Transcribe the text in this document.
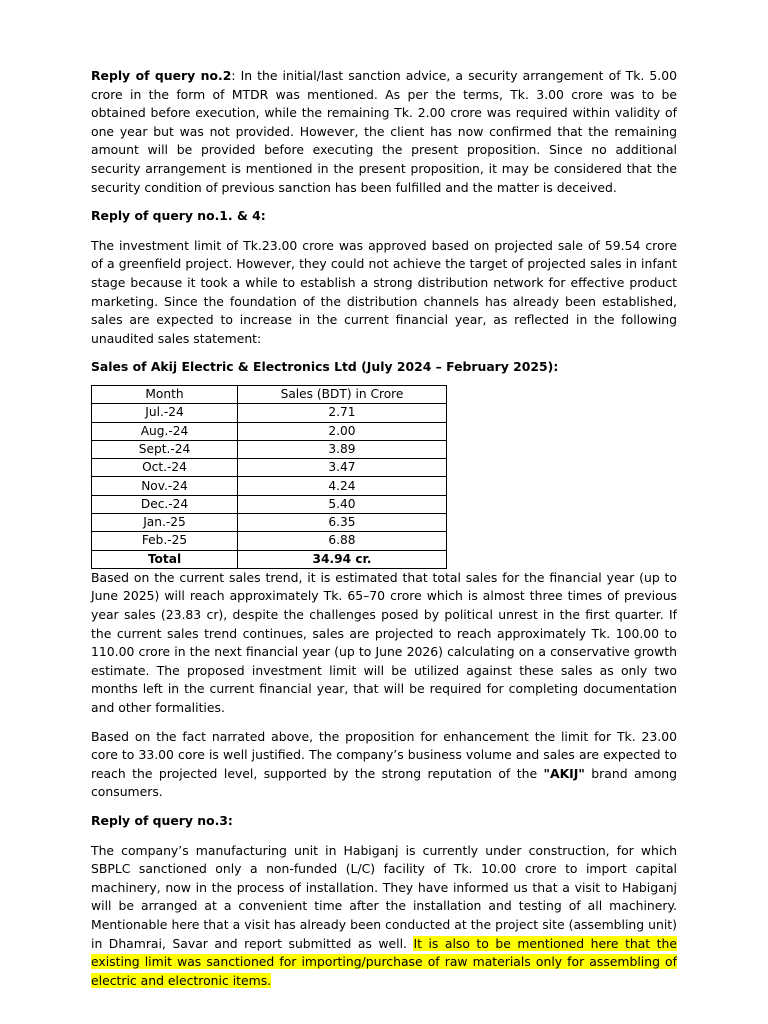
Reply of query no.2: In the initial/last sanction advice, a security arrangement of Tk. 5.00 crore in the form of MTDR was mentioned. As per the terms, Tk. 3.00 crore was to be obtained before execution, while the remaining Tk. 2.00 crore was required within validity of one year but was not provided. However, the client has now confirmed that the remaining amount will be provided before executing the present proposition. Since no additional security arrangement is mentioned in the present proposition, it may be considered that the security condition of previous sanction has been fulfilled and the matter is deceived.

Reply of query no.1. & 4:

The investment limit of Tk.23.00 crore was approved based on projected sale of 59.54 crore of a greenfield project. However, they could not achieve the target of projected sales in infant stage because it took a while to establish a strong distribution network for effective product marketing. Since the foundation of the distribution channels has already been established, sales are expected to increase in the current financial year, as reflected in the following unaudited sales statement:

Sales of Akij Electric & Electronics Ltd (July 2024 – February 2025):

Month	Sales (BDT) in Crore
Jul.-24	2.71
Aug.-24	2.00
Sept.-24	3.89
Oct.-24	3.47
Nov.-24	4.24
Dec.-24	5.40
Jan.-25	6.35
Feb.-25	6.88
Total	34.94 cr.

Based on the current sales trend, it is estimated that total sales for the financial year (up to June 2025) will reach approximately Tk. 65–70 crore which is almost three times of previous year sales (23.83 cr), despite the challenges posed by political unrest in the first quarter. If the current sales trend continues, sales are projected to reach approximately Tk. 100.00 to 110.00 crore in the next financial year (up to June 2026) calculating on a conservative growth estimate. The proposed investment limit will be utilized against these sales as only two months left in the current financial year, that will be required for completing documentation and other formalities.

Based on the fact narrated above, the proposition for enhancement the limit for Tk. 23.00 core to 33.00 core is well justified. The company’s business volume and sales are expected to reach the projected level, supported by the strong reputation of the "AKIJ" brand among consumers.

Reply of query no.3:

The company’s manufacturing unit in Habiganj is currently under construction, for which SBPLC sanctioned only a non-funded (L/C) facility of Tk. 10.00 crore to import capital machinery, now in the process of installation. They have informed us that a visit to Habiganj will be arranged at a convenient time after the installation and testing of all machinery. Mentionable here that a visit has already been conducted at the project site (assembling unit) in Dhamrai, Savar and report submitted as well. It is also to be mentioned here that the existing limit was sanctioned for importing/purchase of raw materials only for assembling of electric and electronic items.
